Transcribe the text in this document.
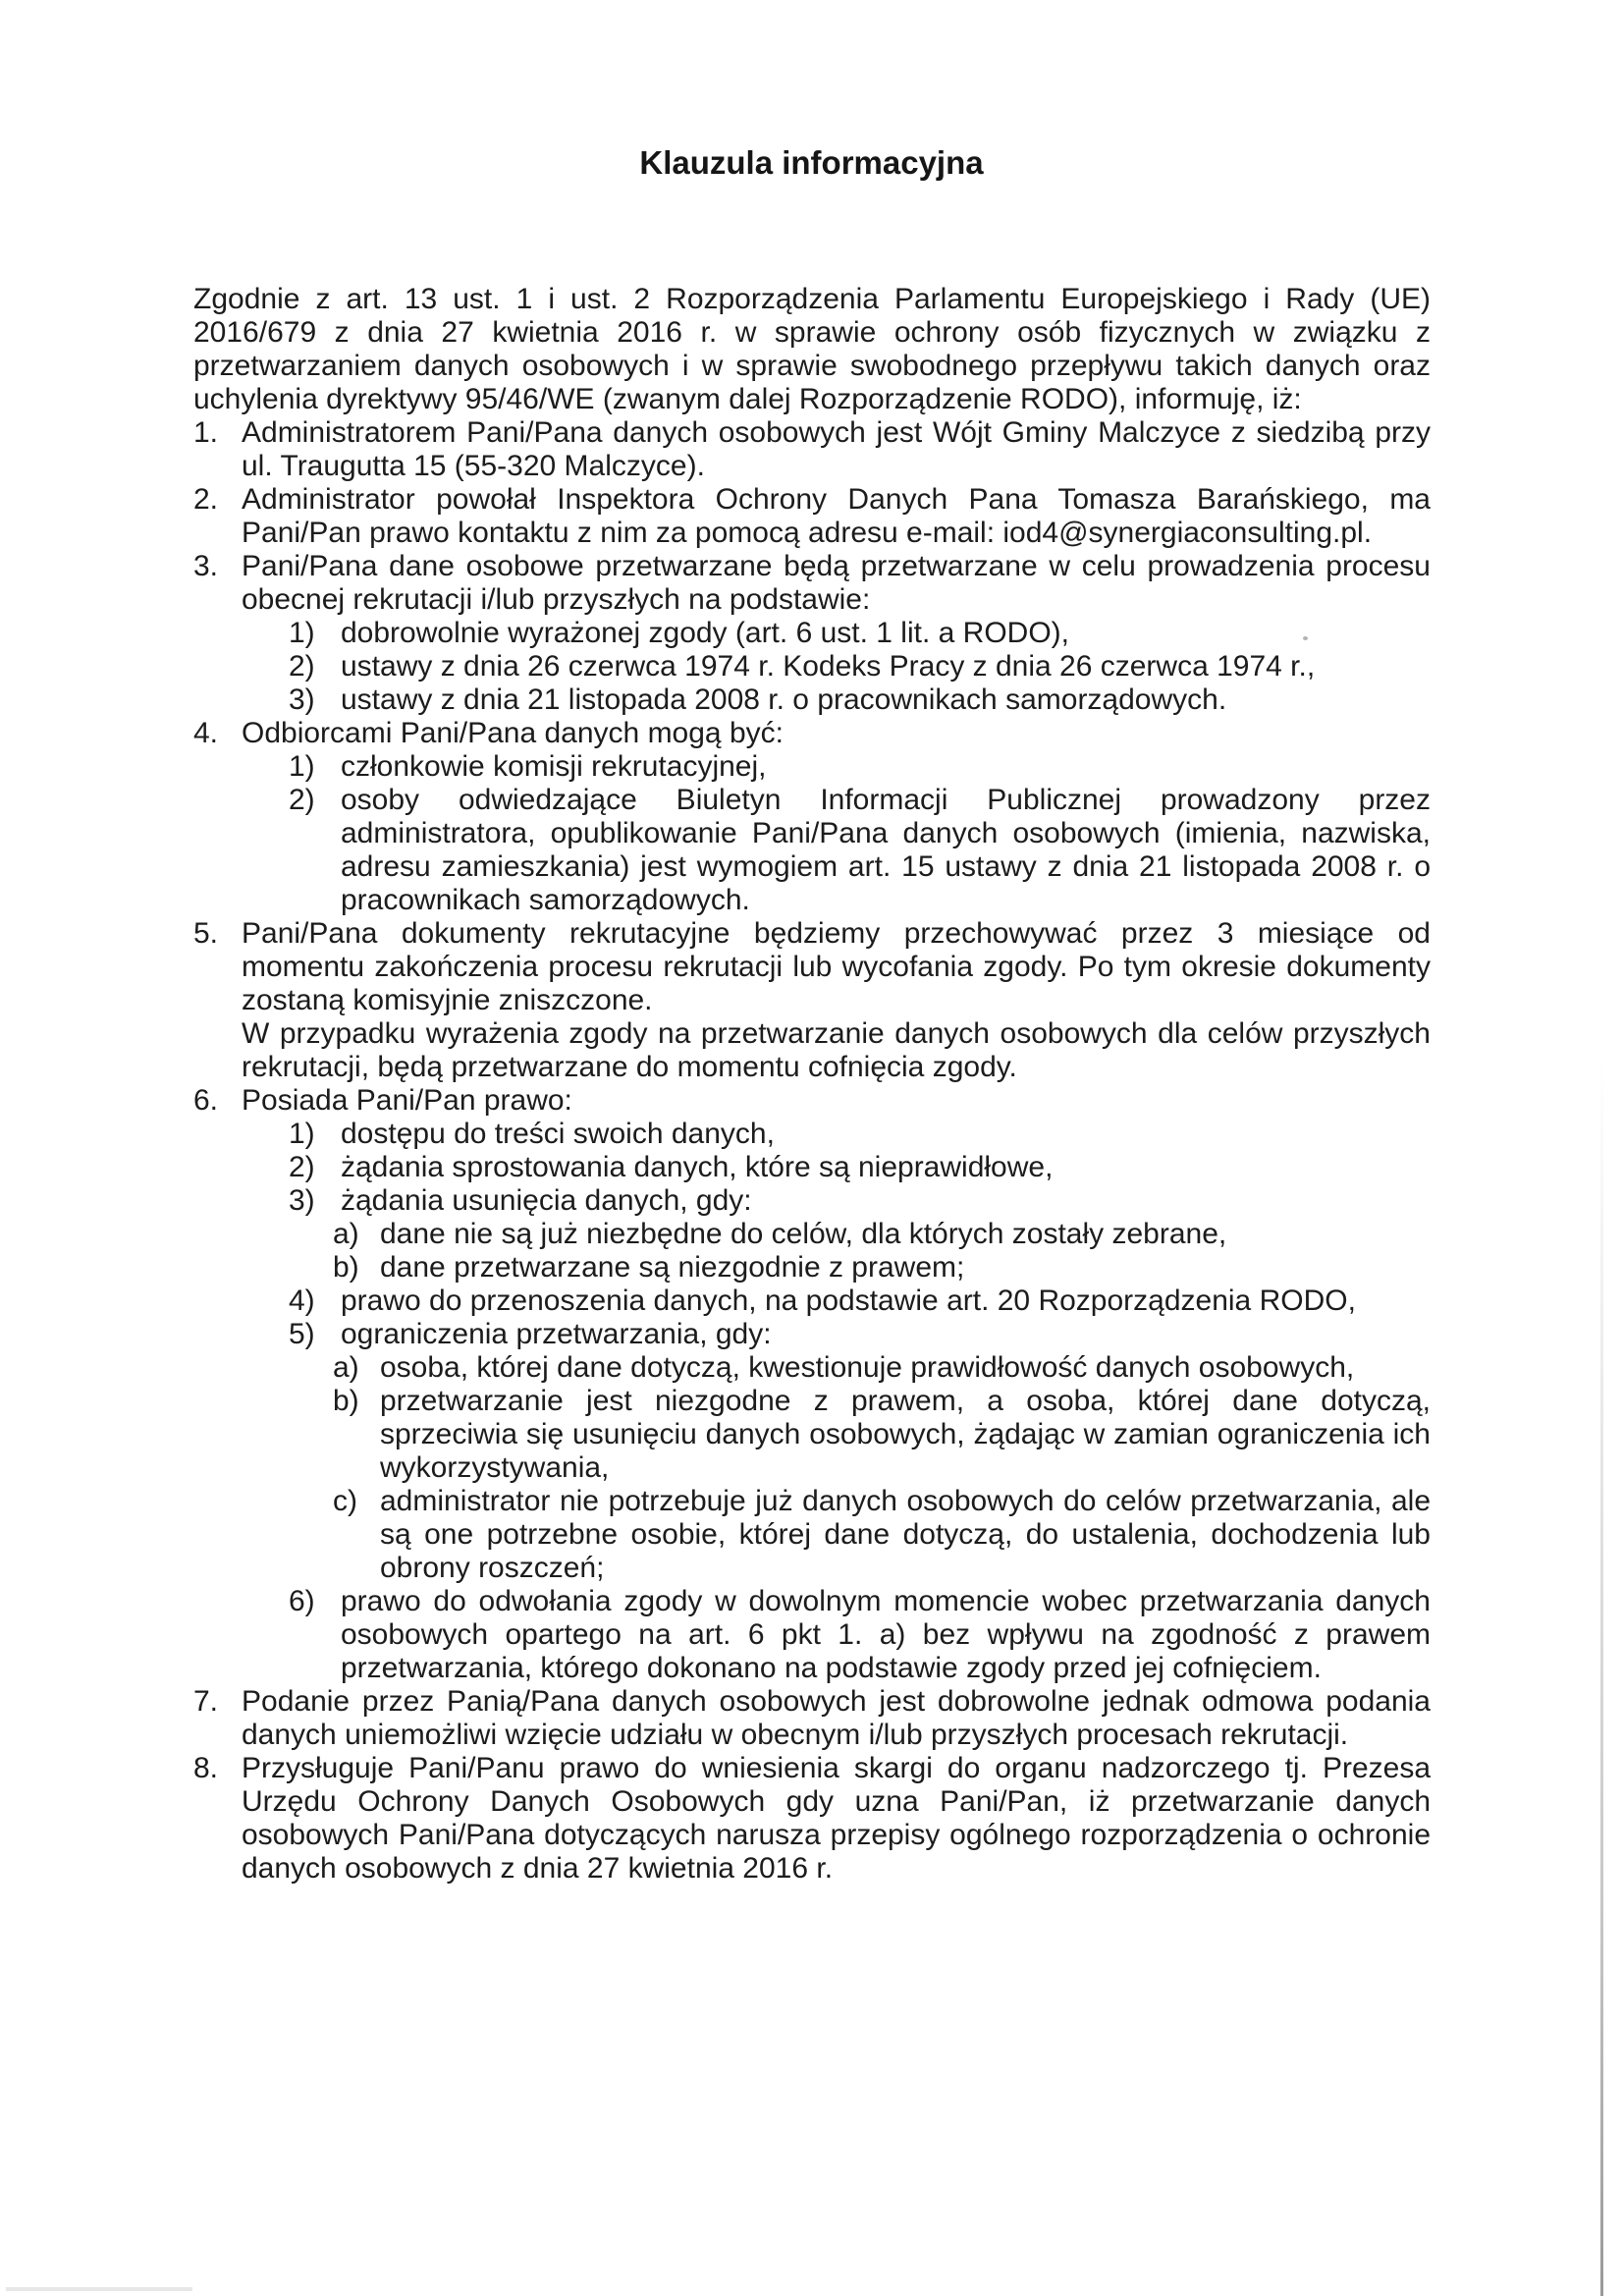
Klauzula informacyjna

Zgodnie z art. 13 ust. 1 i ust. 2 Rozporządzenia Parlamentu Europejskiego i Rady (UE) 2016/679 z dnia 27 kwietnia 2016 r. w sprawie ochrony osób fizycznych w związku z przetwarzaniem danych osobowych i w sprawie swobodnego przepływu takich danych oraz uchylenia dyrektywy 95/46/WE (zwanym dalej Rozporządzenie RODO), informuję, iż:

1. Administratorem Pani/Pana danych osobowych jest Wójt Gminy Malczyce z siedzibą przy ul. Traugutta 15 (55-320 Malczyce).
2. Administrator powołał Inspektora Ochrony Danych Pana Tomasza Barańskiego, ma Pani/Pan prawo kontaktu z nim za pomocą adresu e-mail: iod4@synergiaconsulting.pl.
3. Pani/Pana dane osobowe przetwarzane będą przetwarzane w celu prowadzenia procesu obecnej rekrutacji i/lub przyszłych na podstawie:
1) dobrowolnie wyrażonej zgody (art. 6 ust. 1 lit. a RODO),
2) ustawy z dnia 26 czerwca 1974 r. Kodeks Pracy z dnia 26 czerwca 1974 r.,
3) ustawy z dnia 21 listopada 2008 r. o pracownikach samorządowych.
4. Odbiorcami Pani/Pana danych mogą być:
1) członkowie komisji rekrutacyjnej,
2) osoby odwiedzające Biuletyn Informacji Publicznej prowadzony przez administratora, opublikowanie Pani/Pana danych osobowych (imienia, nazwiska, adresu zamieszkania) jest wymogiem art. 15 ustawy z dnia 21 listopada 2008 r. o pracownikach samorządowych.
5. Pani/Pana dokumenty rekrutacyjne będziemy przechowywać przez 3 miesiące od momentu zakończenia procesu rekrutacji lub wycofania zgody. Po tym okresie dokumenty zostaną komisyjnie zniszczone.
W przypadku wyrażenia zgody na przetwarzanie danych osobowych dla celów przyszłych rekrutacji, będą przetwarzane do momentu cofnięcia zgody.
6. Posiada Pani/Pan prawo:
1) dostępu do treści swoich danych,
2) żądania sprostowania danych, które są nieprawidłowe,
3) żądania usunięcia danych, gdy:
a) dane nie są już niezbędne do celów, dla których zostały zebrane,
b) dane przetwarzane są niezgodnie z prawem;
4) prawo do przenoszenia danych, na podstawie art. 20 Rozporządzenia RODO,
5) ograniczenia przetwarzania, gdy:
a) osoba, której dane dotyczą, kwestionuje prawidłowość danych osobowych,
b) przetwarzanie jest niezgodne z prawem, a osoba, której dane dotyczą, sprzeciwia się usunięciu danych osobowych, żądając w zamian ograniczenia ich wykorzystywania,
c) administrator nie potrzebuje już danych osobowych do celów przetwarzania, ale są one potrzebne osobie, której dane dotyczą, do ustalenia, dochodzenia lub obrony roszczeń;
6) prawo do odwołania zgody w dowolnym momencie wobec przetwarzania danych osobowych opartego na art. 6 pkt 1. a) bez wpływu na zgodność z prawem przetwarzania, którego dokonano na podstawie zgody przed jej cofnięciem.
7. Podanie przez Panią/Pana danych osobowych jest dobrowolne jednak odmowa podania danych uniemożliwi wzięcie udziału w obecnym i/lub przyszłych procesach rekrutacji.
8. Przysługuje Pani/Panu prawo do wniesienia skargi do organu nadzorczego tj. Prezesa Urzędu Ochrony Danych Osobowych gdy uzna Pani/Pan, iż przetwarzanie danych osobowych Pani/Pana dotyczących narusza przepisy ogólnego rozporządzenia o ochronie danych osobowych z dnia 27 kwietnia 2016 r.
